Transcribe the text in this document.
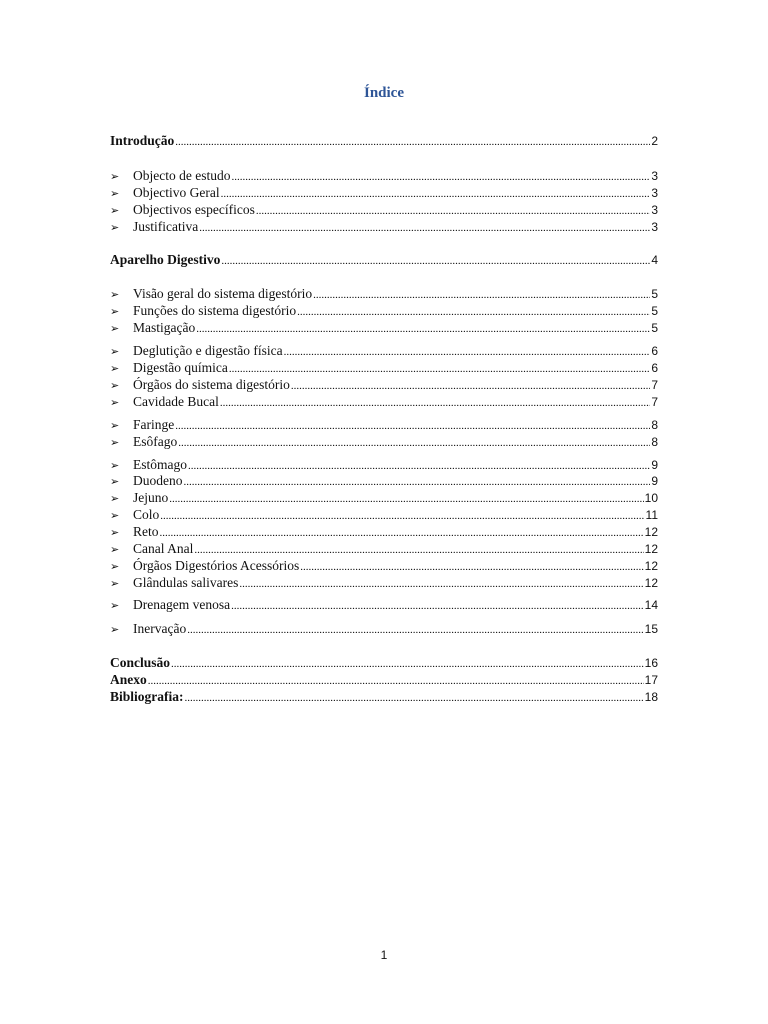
Índice
Introdução .....	2
➢	Objecto de estudo .....	3
➢	Objectivo Geral .....	3
➢	Objectivos específicos .....	3
➢	Justificativa .....	3
Aparelho Digestivo .....	4
➢	Visão geral do sistema digestório .....	5
➢	Funções do sistema digestório .....	5
➢	Mastigação .....	5
➢	Deglutição e digestão física .....	6
➢	Digestão química .....	6
➢	Órgãos do sistema digestório .....	7
➢	Cavidade Bucal .....	7
➢	Faringe .....	8
➢	Esôfago .....	8
➢	Estômago .....	9
➢	Duodeno .....	9
➢	Jejuno .....	10
➢	Colo .....	11
➢	Reto .....	12
➢	Canal Anal .....	12
➢	Órgãos Digestórios Acessórios .....	12
➢	Glândulas salivares .....	12
➢	Drenagem venosa .....	14
➢	Inervação .....	15
Conclusão .....	16
Anexo .....	17
Bibliografia: .....	18
1
